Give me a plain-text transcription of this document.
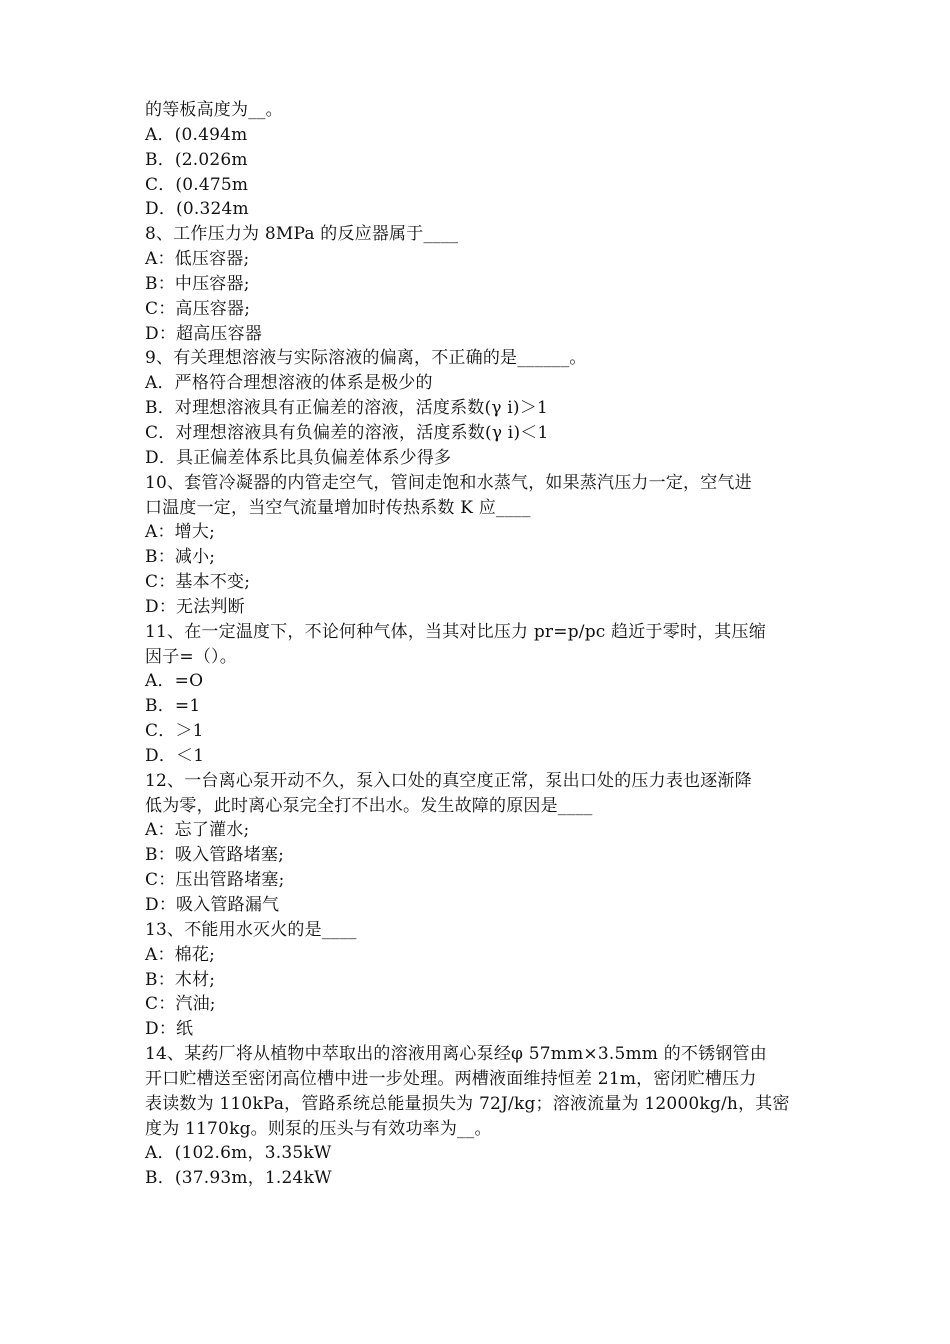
的等板高度为__。
A．(0.494m
B．(2.026m
C．(0.475m
D．(0.324m
8、工作压力为 8MPa 的反应器属于____
A：低压容器;
B：中压容器;
C：高压容器;
D：超高压容器
9、有关理想溶液与实际溶液的偏离，不正确的是______。
A．严格符合理想溶液的体系是极少的
B．对理想溶液具有正偏差的溶液，活度系数(γ i)＞1
C．对理想溶液具有负偏差的溶液，活度系数(γ i)＜1
D．具正偏差体系比具负偏差体系少得多
10、套管冷凝器的内管走空气，管间走饱和水蒸气，如果蒸汽压力一定，空气进
口温度一定，当空气流量增加时传热系数 K 应____
A：增大;
B：减小;
C：基本不变;
D：无法判断
11、在一定温度下，不论何种气体，当其对比压力 pr=p/pc 趋近于零时，其压缩
因子=（）。
A．=O
B．=1
C．＞1
D．＜1
12、一台离心泵开动不久，泵入口处的真空度正常，泵出口处的压力表也逐渐降
低为零，此时离心泵完全打不出水。发生故障的原因是____
A：忘了灌水;
B：吸入管路堵塞;
C：压出管路堵塞;
D：吸入管路漏气
13、不能用水灭火的是____
A：棉花;
B：木材;
C：汽油;
D：纸
14、某药厂将从植物中萃取出的溶液用离心泵经φ 57mm×3.5mm 的不锈钢管由
开口贮槽送至密闭高位槽中进一步处理。两槽液面维持恒差 21m，密闭贮槽压力
表读数为 110kPa，管路系统总能量损失为 72J/kg；溶液流量为 12000kg/h，其密
度为 1170kg。则泵的压头与有效功率为__。
A．(102.6m，3.35kW
B．(37.93m，1.24kW
